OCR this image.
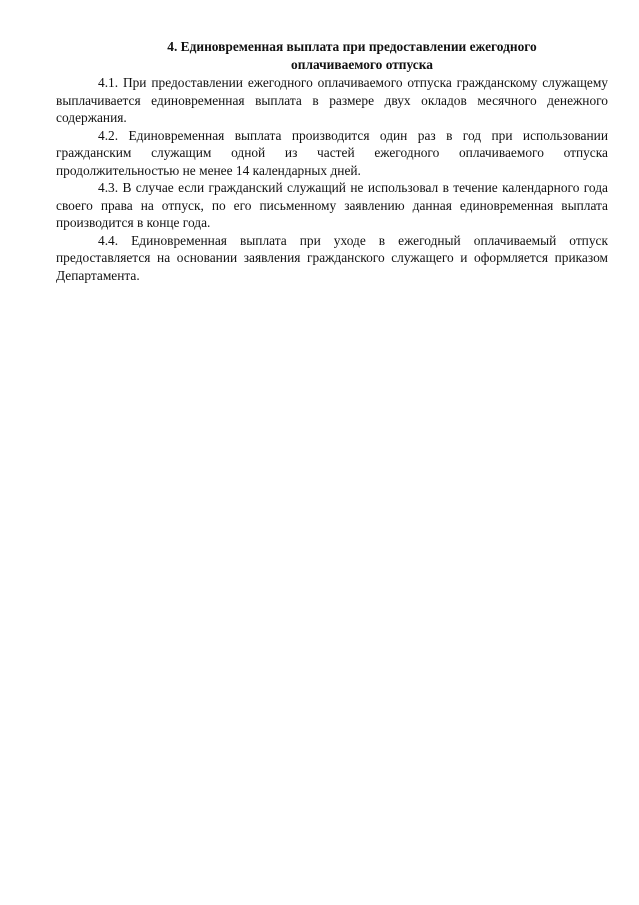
4. Единовременная выплата при предоставлении ежегодного
оплачиваемого отпуска

4.1. При предоставлении ежегодного оплачиваемого отпуска гражданскому служащему выплачивается единовременная выплата в размере двух окладов месячного денежного содержания.

4.2. Единовременная выплата производится один раз в год при использовании гражданским служащим одной из частей ежегодного оплачиваемого отпуска продолжительностью не менее 14 календарных дней.

4.3. В случае если гражданский служащий не использовал в течение календарного года своего права на отпуск, по его письменному заявлению данная единовременная выплата производится в конце года.

4.4. Единовременная выплата при уходе в ежегодный оплачиваемый отпуск предоставляется на основании заявления гражданского служащего и оформляется приказом Департамента.
